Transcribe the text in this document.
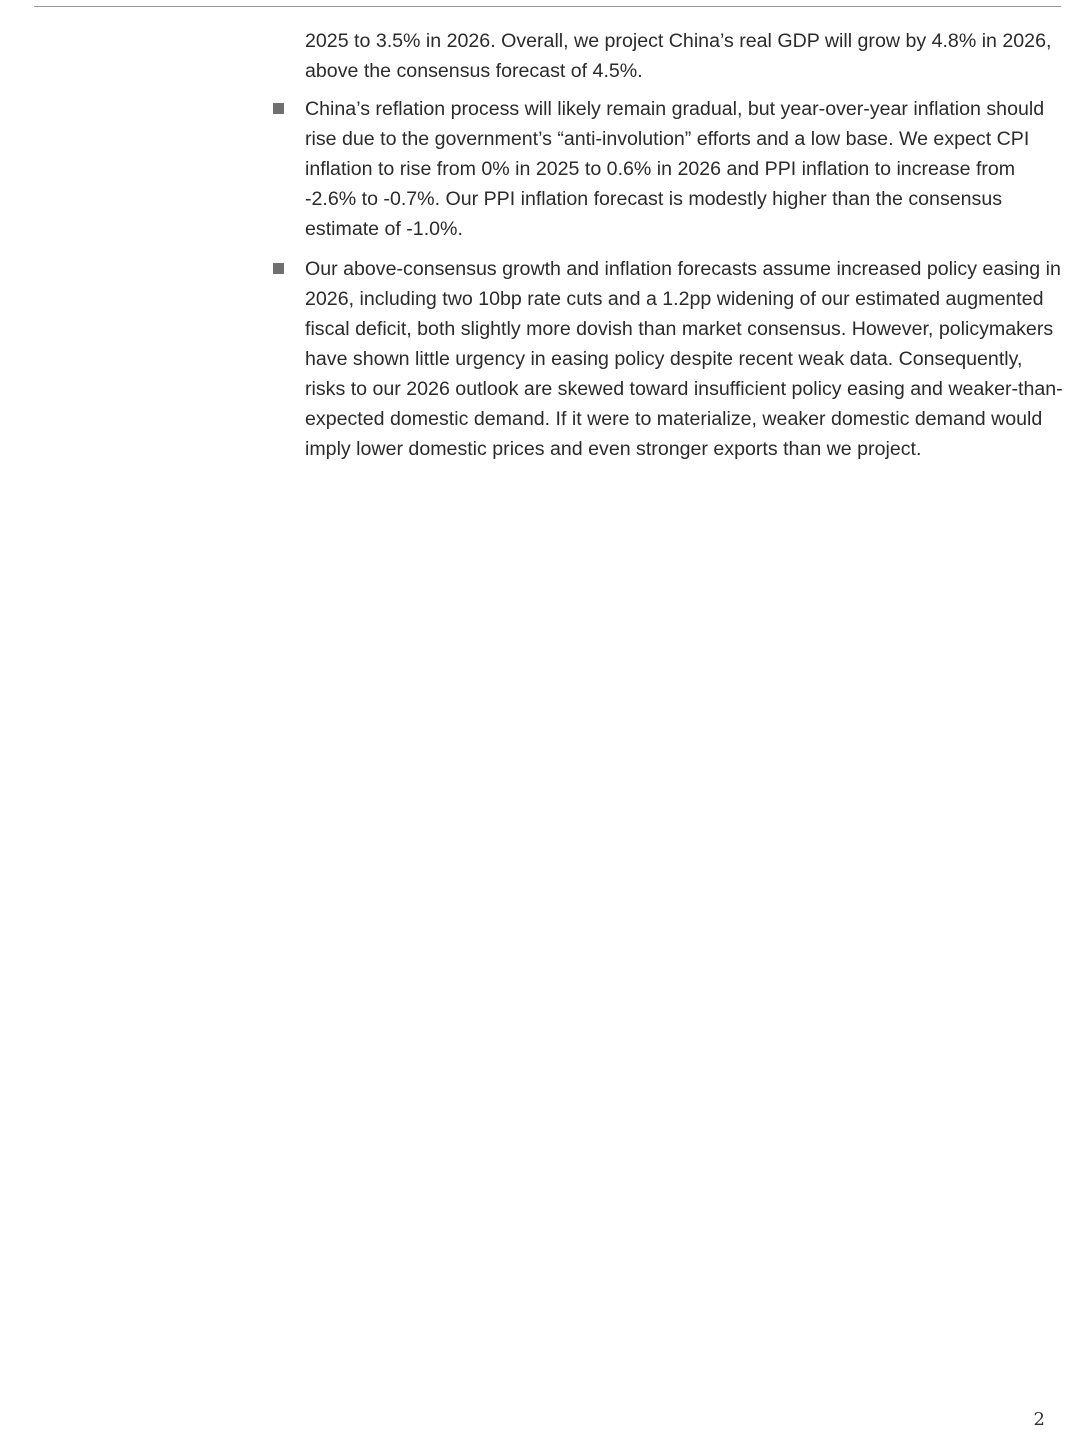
2025 to 3.5% in 2026. Overall, we project China’s real GDP will grow by 4.8% in 2026, above the consensus forecast of 4.5%.

China’s reflation process will likely remain gradual, but year-over-year inflation should rise due to the government’s “anti-involution” efforts and a low base. We expect CPI inflation to rise from 0% in 2025 to 0.6% in 2026 and PPI inflation to increase from -2.6% to -0.7%. Our PPI inflation forecast is modestly higher than the consensus estimate of -1.0%.

Our above-consensus growth and inflation forecasts assume increased policy easing in 2026, including two 10bp rate cuts and a 1.2pp widening of our estimated augmented fiscal deficit, both slightly more dovish than market consensus. However, policymakers have shown little urgency in easing policy despite recent weak data. Consequently, risks to our 2026 outlook are skewed toward insufficient policy easing and weaker-than-expected domestic demand. If it were to materialize, weaker domestic demand would imply lower domestic prices and even stronger exports than we project.

2
